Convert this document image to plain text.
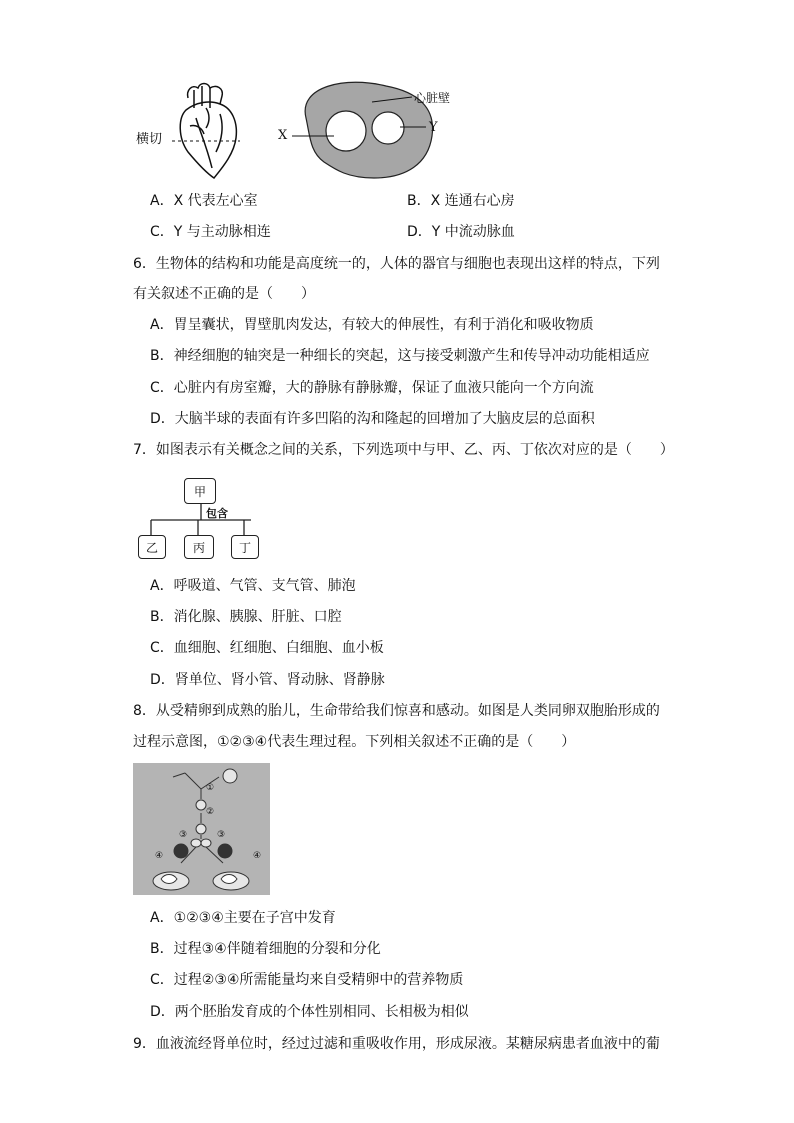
横切	X
Y
心脏壁
A．X 代表左心室	B．X 连通右心房
C．Y 与主动脉相连	D．Y 中流动脉血
6．生物体的结构和功能是高度统一的，人体的器官与细胞也表现出这样的特点，下列
有关叙述不正确的是（　　）
A．胃呈囊状，胃壁肌肉发达，有较大的伸展性，有利于消化和吸收物质
B．神经细胞的轴突是一种细长的突起，这与接受刺激产生和传导冲动功能相适应
C．心脏内有房室瓣，大的静脉有静脉瓣，保证了血液只能向一个方向流
D．大脑半球的表面有许多凹陷的沟和隆起的回增加了大脑皮层的总面积
7．如图表示有关概念之间的关系，下列选项中与甲、乙、丙、丁依次对应的是（　　）
甲
包含
乙	丙	丁
A．呼吸道、气管、支气管、肺泡
B．消化腺、胰腺、肝脏、口腔
C．血细胞、红细胞、白细胞、血小板
D．肾单位、肾小管、肾动脉、肾静脉
8．从受精卵到成熟的胎儿，生命带给我们惊喜和感动。如图是人类同卵双胞胎形成的
过程示意图，①②③④代表生理过程。下列相关叙述不正确的是（　　）
①
②
③	③
④	④
A．①②③④主要在子宫中发育
B．过程③④伴随着细胞的分裂和分化
C．过程②③④所需能量均来自受精卵中的营养物质
D．两个胚胎发育成的个体性别相同、长相极为相似
9．血液流经肾单位时，经过过滤和重吸收作用，形成尿液。某糖尿病患者血液中的葡
